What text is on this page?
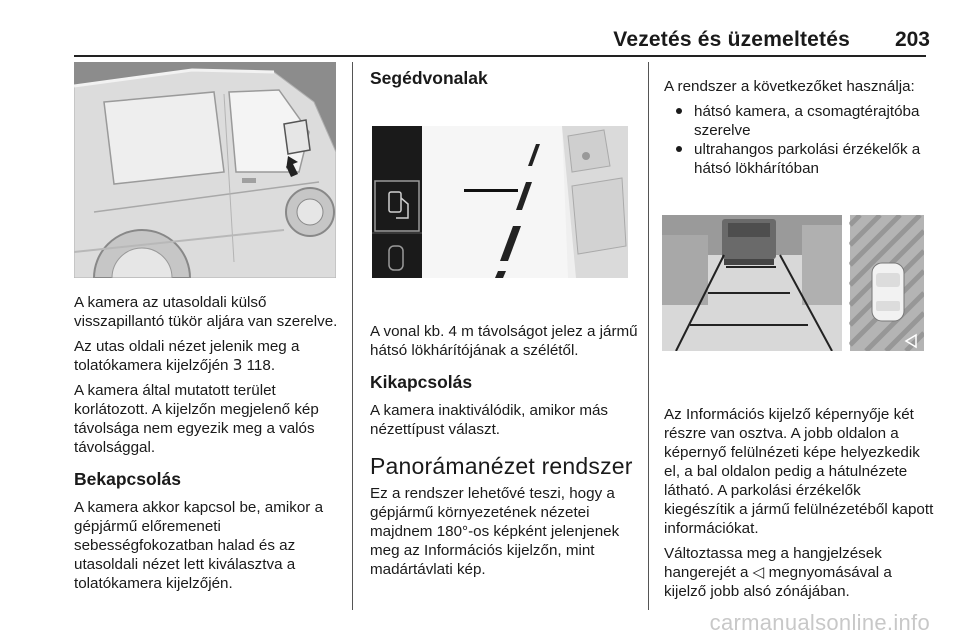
Vezetés és üzemeltetés	203

A kamera az utasoldali külső visszapillantó tükör aljára van szerelve.

Az utas oldali nézet jelenik meg a tolatókamera kijelzőjén 3 118.

A kamera által mutatott terület korlátozott. A kijelzőn megjelenő kép távolsága nem egyezik meg a valós távolsággal.

Bekapcsolás

A kamera akkor kapcsol be, amikor a gépjármű előremeneti sebességfokozatban halad és az utasoldali nézet lett kiválasztva a tolatókamera kijelzőjén.

Segédvonalak

A vonal kb. 4 m távolságot jelez a jármű hátsó lökhárítójának a szélétől.

Kikapcsolás

A kamera inaktiválódik, amikor más nézettípust választ.

Panorámanézet rendszer

Ez a rendszer lehetővé teszi, hogy a gépjármű környezetének nézetei majdnem 180°-os képként jelenjenek meg az Információs kijelzőn, mint madártávlati kép.

A rendszer a következőket használja:

hátsó kamera, a csomagtérajtóba szerelve
ultrahangos parkolási érzékelők a hátsó lökhárítóban

Az Információs kijelző képernyője két részre van osztva. A jobb oldalon a képernyő felülnézeti képe helyezkedik el, a bal oldalon pedig a hátulnézete látható. A parkolási érzékelők kiegészítik a jármű felülnézetéből kapott információkat.

Változtassa meg a hangjelzések hangerejét a ◁ megnyomásával a kijelző jobb alsó zónájában.

carmanualsonline.info
